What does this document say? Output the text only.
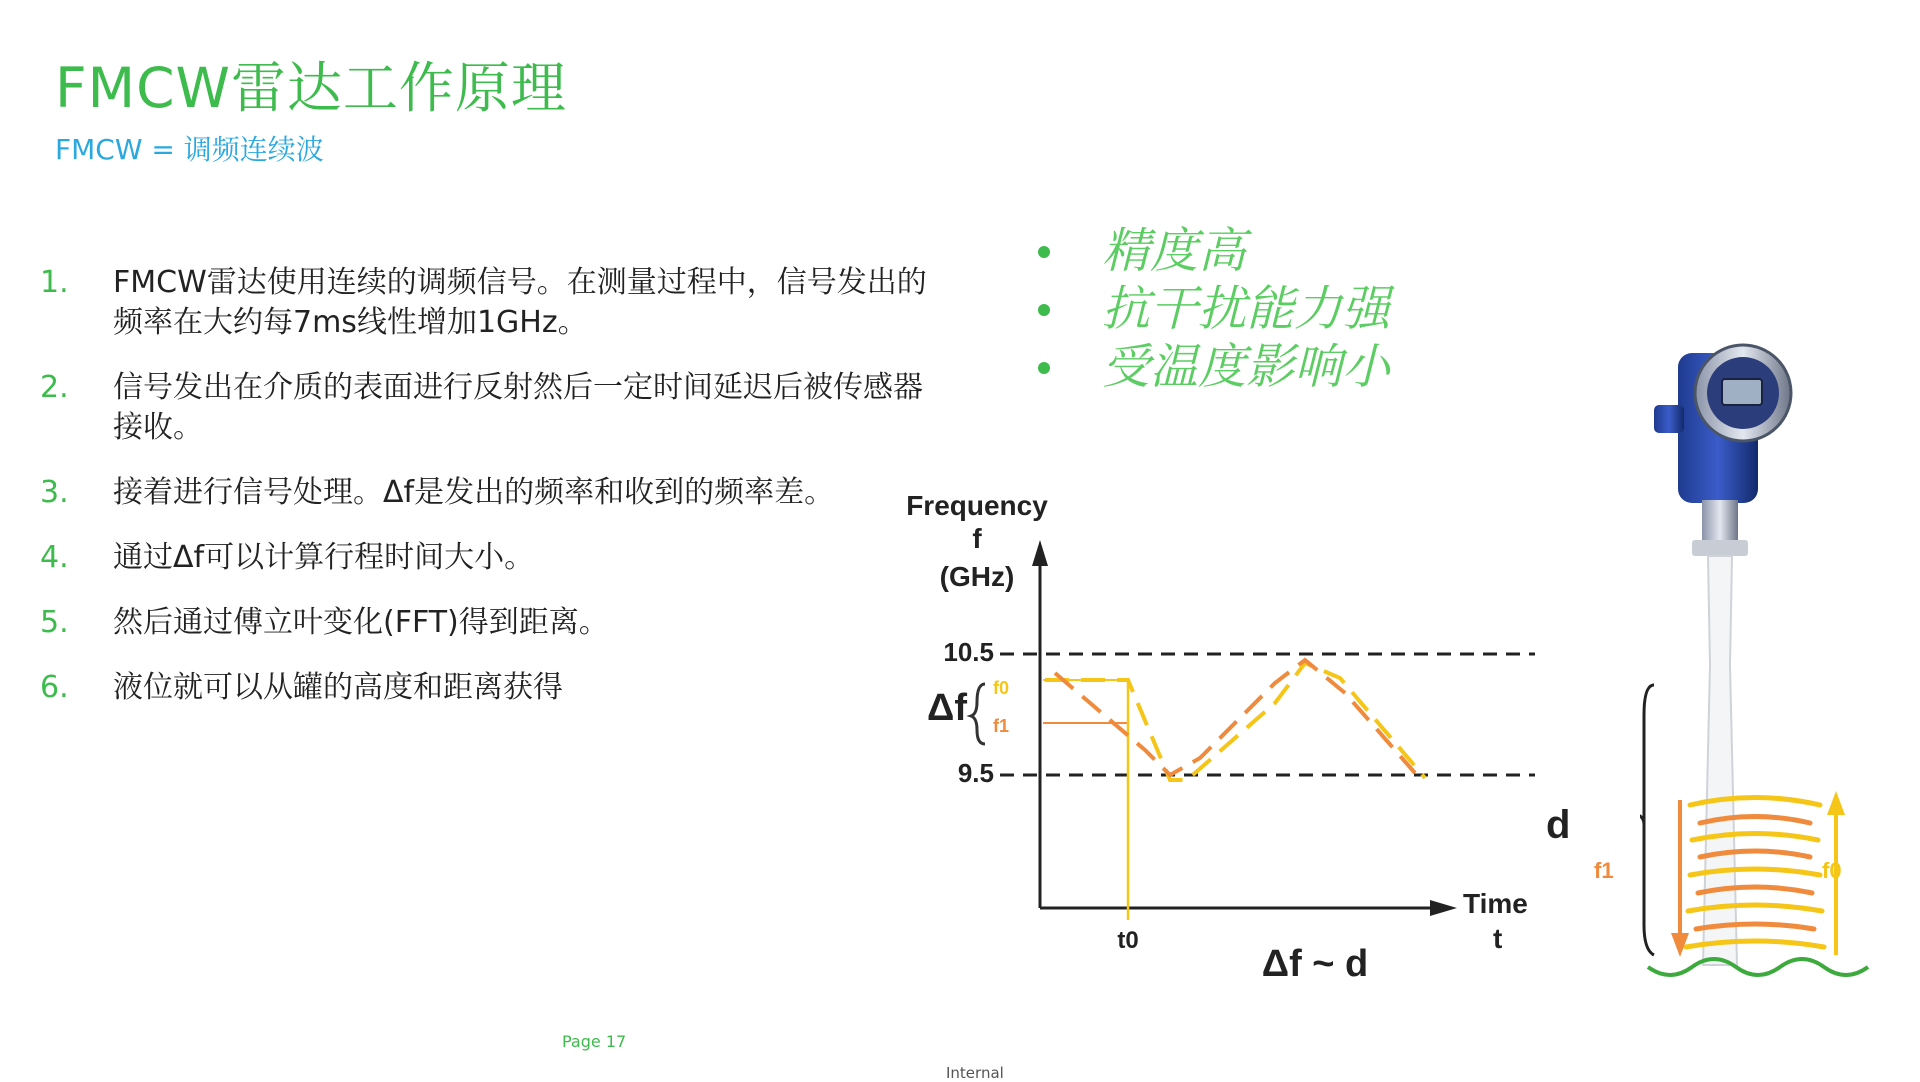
FMCW雷达工作原理
FMCW = 调频连续波
1. FMCW雷达使用连续的调频信号。在测量过程中，信号发出的频率在大约每7ms线性增加1GHz。
2. 信号发出在介质的表面进行反射然后一定时间延迟后被传感器接收。
3. 接着进行信号处理。Δf是发出的频率和收到的频率差。
4. 通过Δf可以计算行程时间大小。
5. 然后通过傅立叶变化(FFT)得到距离。
6. 液位就可以从罐的高度和距离获得
精度高
抗干扰能力强
受温度影响小
Frequency
f
(GHz)
10.5
9.5
Δf
Time
t
t0
Δf ~ d
f0
f1
d
f1	f0
Page 17
Internal
